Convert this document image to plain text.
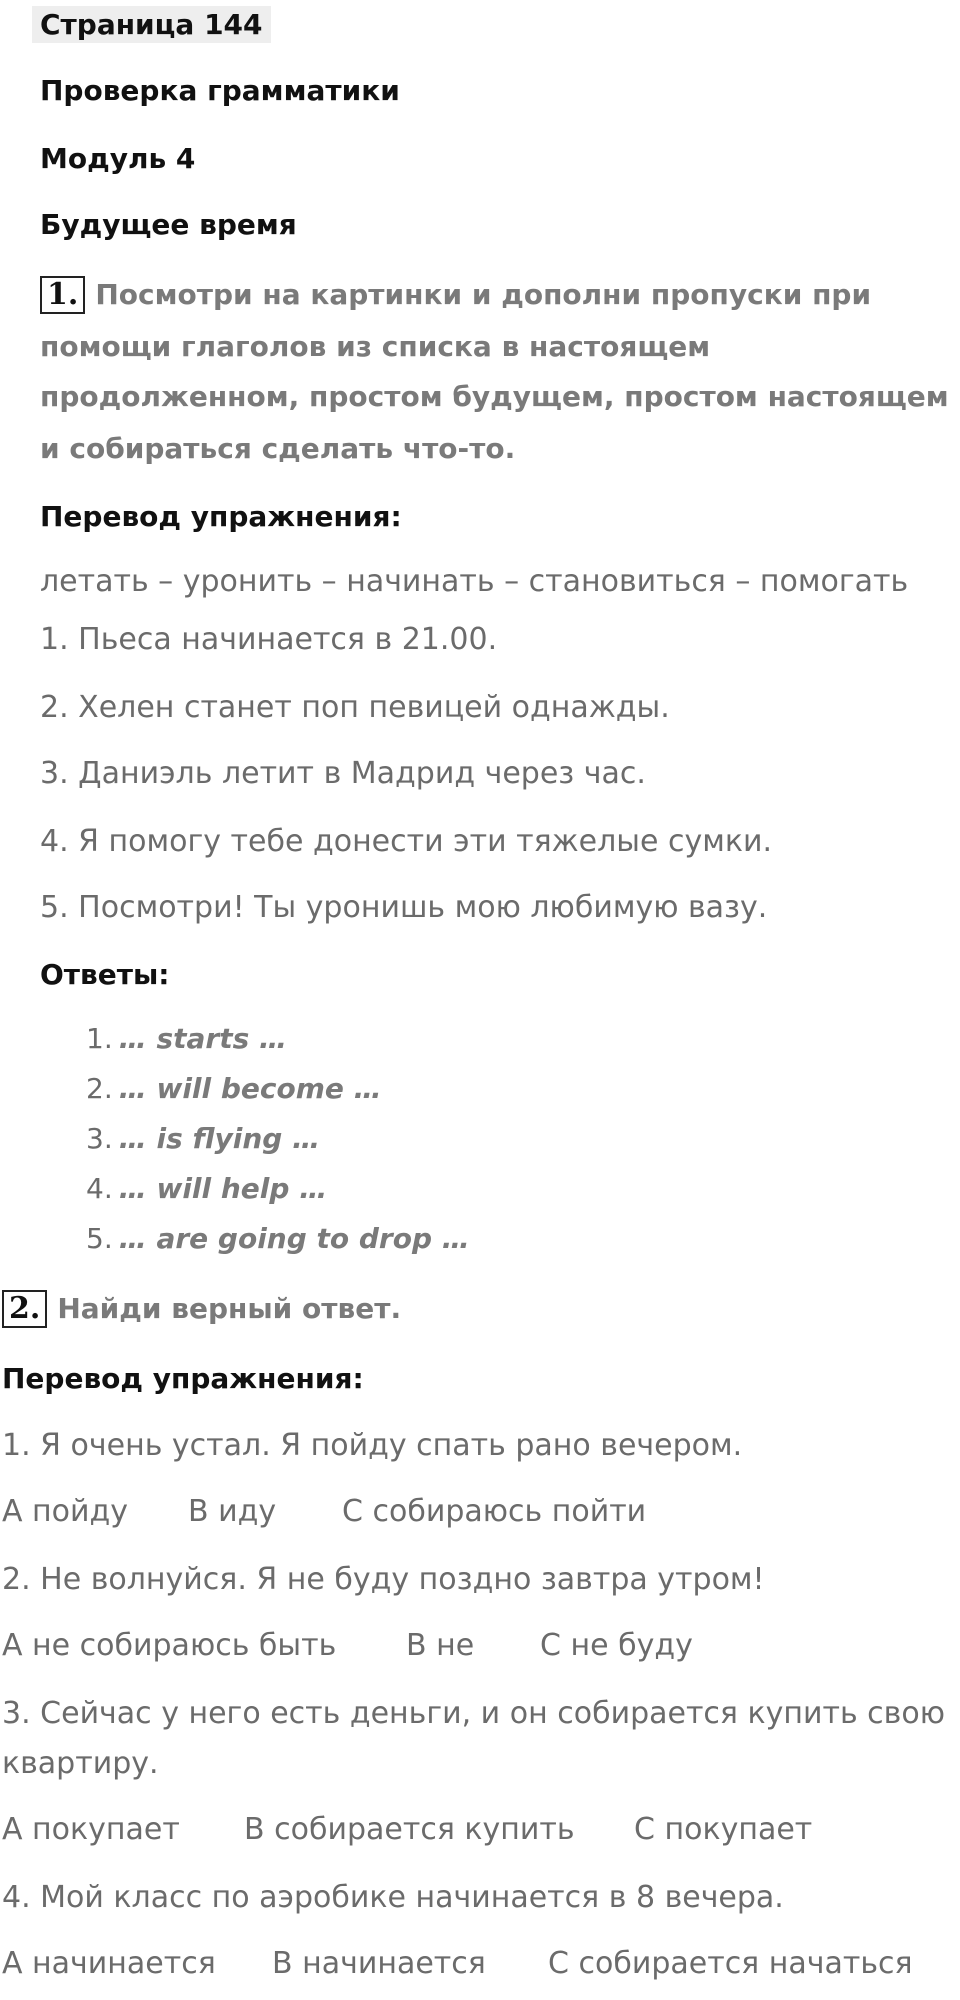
Страница 144
Проверка грамматики
Модуль 4
Будущее время
1. Посмотри на картинки и дополни пропуски при
помощи глаголов из списка в настоящем
продолженном, простом будущем, простом настоящем
и собираться сделать что-то.
Перевод упражнения:
летать – уронить – начинать – становиться – помогать
1. Пьеса начинается в 21.00.
2. Хелен станет поп певицей однажды.
3. Даниэль летит в Мадрид через час.
4. Я помогу тебе донести эти тяжелые сумки.
5. Посмотри! Ты уронишь мою любимую вазу.
Ответы:
1. … starts …
2. … will become …
3. … is flying …
4. … will help …
5. … are going to drop …
2. Найди верный ответ.
Перевод упражнения:
1. Я очень устал. Я пойду спать рано вечером.
A пойду B иду C собираюсь пойти
2. Не волнуйся. Я не буду поздно завтра утром!
A не собираюсь быть B не C не буду
3. Сейчас у него есть деньги, и он собирается купить свою
квартиру.
A покупает B собирается купить C покупает
4. Мой класс по аэробике начинается в 8 вечера.
A начинается B начинается C собирается начаться
